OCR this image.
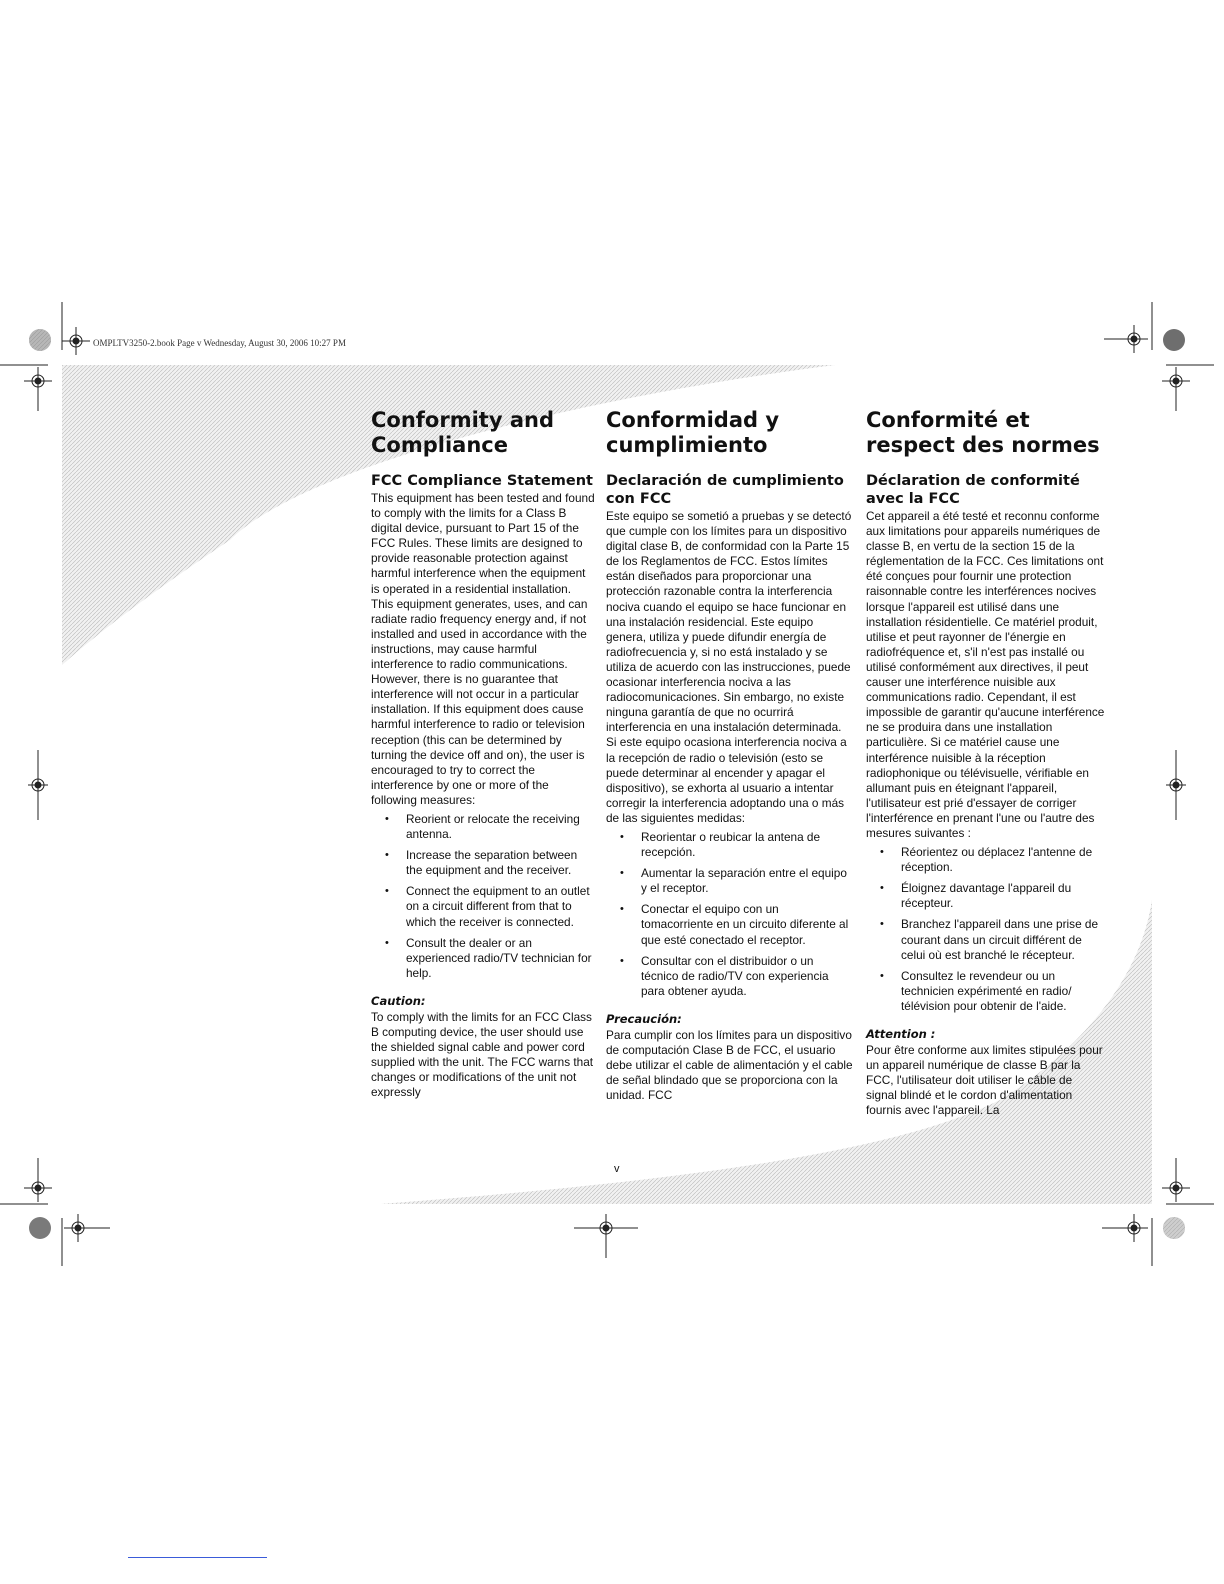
OMPLTV3250-2.book Page v Wednesday, August 30, 2006 10:27 PM
Conformity and Compliance
FCC Compliance Statement

This equipment has been tested and found to comply with the limits for a Class B digital device, pursuant to Part 15 of the FCC Rules. These limits are designed to provide reasonable protection against harmful interference when the equipment is operated in a residential installation. This equipment generates, uses, and can radiate radio frequency energy and, if not installed and used in accordance with the instructions, may cause harmful interference to radio communications. However, there is no guarantee that interference will not occur in a particular installation. If this equipment does cause harmful interference to radio or television reception (this can be determined by turning the device off and on), the user is encouraged to try to correct the interference by one or more of the following measures:

• Reorient or relocate the receiving antenna.
• Increase the separation between the equipment and the receiver.
• Connect the equipment to an outlet on a circuit different from that to which the receiver is connected.
• Consult the dealer or an experienced radio/TV technician for help.
Caution:

To comply with the limits for an FCC Class B computing device, the user should use the shielded signal cable and power cord supplied with the unit. The FCC warns that changes or modifications of the unit not expressly

Conformidad y cumplimiento
Declaración de cumplimiento con FCC

Este equipo se sometió a pruebas y se detectó que cumple con los límites para un dispositivo digital clase B, de conformidad con la Parte 15 de los Reglamentos de FCC. Estos límites están diseñados para proporcionar una protección razonable contra la interferencia nociva cuando el equipo se hace funcionar en una instalación residencial. Este equipo genera, utiliza y puede difundir energía de radiofrecuencia y, si no está instalado y se utiliza de acuerdo con las instrucciones, puede ocasionar interferencia nociva a las radiocomunicaciones. Sin embargo, no existe ninguna garantía de que no ocurrirá interferencia en una instalación determinada. Si este equipo ocasiona interferencia nociva a la recepción de radio o televisión (esto se puede determinar al encender y apagar el dispositivo), se exhorta al usuario a intentar corregir la interferencia adoptando una o más de las siguientes medidas:

• Reorientar o reubicar la antena de recepción.
• Aumentar la separación entre el equipo y el receptor.
• Conectar el equipo con un tomacorriente en un circuito diferente al que esté conectado el receptor.
• Consultar con el distribuidor o un técnico de radio/TV con experiencia para obtener ayuda.
Precaución:

Para cumplir con los límites para un dispositivo de computación Clase B de FCC, el usuario debe utilizar el cable de alimentación y el cable de señal blindado que se proporciona con la unidad. FCC

Conformité et respect des normes
Déclaration de conformité avec la FCC

Cet appareil a été testé et reconnu conforme aux limitations pour appareils numériques de classe B, en vertu de la section 15 de la réglementation de la FCC. Ces limitations ont été conçues pour fournir une protection raisonnable contre les interférences nocives lorsque l'appareil est utilisé dans une installation résidentielle. Ce matériel produit, utilise et peut rayonner de l'énergie en radiofréquence et, s'il n'est pas installé ou utilisé conformément aux directives, il peut causer une interférence nuisible aux communications radio. Cependant, il est impossible de garantir qu'aucune interférence ne se produira dans une installation particulière. Si ce matériel cause une interférence nuisible à la réception radiophonique ou télévisuelle, vérifiable en allumant puis en éteignant l'appareil, l'utilisateur est prié d'essayer de corriger l'interférence en prenant l'une ou l'autre des mesures suivantes :

• Réorientez ou déplacez l'antenne de réception.
• Éloignez davantage l'appareil du récepteur.
• Branchez l'appareil dans une prise de courant dans un circuit différent de celui où est branché le récepteur.
• Consultez le revendeur ou un technicien expérimenté en radio/ télévision pour obtenir de l'aide.
Attention :

Pour être conforme aux limites stipulées pour un appareil numérique de classe B par la FCC, l'utilisateur doit utiliser le câble de signal blindé et le cordon d'alimentation fournis avec l'appareil. La

v
